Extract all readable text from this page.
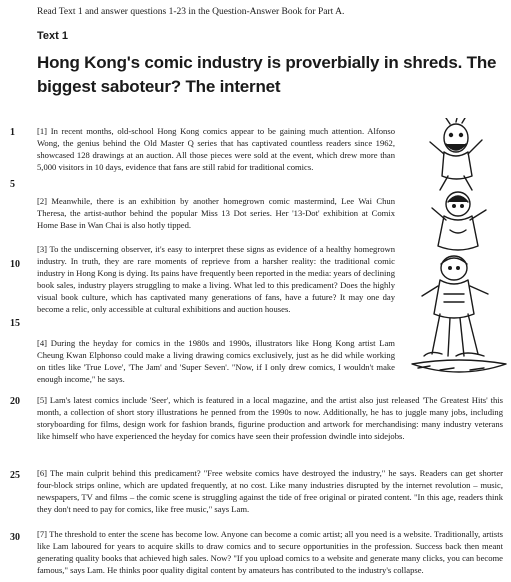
Read Text 1 and answer questions 1-23 in the Question-Answer Book for Part A.
Text 1
Hong Kong's comic industry is proverbially in shreds. The biggest saboteur? The internet
1
5
10
15
20
25
30

[1] In recent months, old-school Hong Kong comics appear to be gaining much attention. Alfonso Wong, the genius behind the Old Master Q series that has captivated countless readers since 1962, showcased 128 drawings at an auction. All those pieces were sold at the event, which drew more than 5,000 visitors in 10 days, evidence that fans are still rabid for traditional comics.

[2] Meanwhile, there is an exhibition by another homegrown comic mastermind, Lee Wai Chun Theresa, the artist-author behind the popular Miss 13 Dot series. Her '13-Dot' exhibition at Comix Home Base in Wan Chai is also hotly tipped.

[3] To the undiscerning observer, it's easy to interpret these signs as evidence of a healthy homegrown industry. In truth, they are rare moments of reprieve from a harsher reality: the traditional comic industry in Hong Kong is dying. Its pains have frequently been reported in the media: years of declining book sales, industry players struggling to make a living. What led to this predicament? Does the highly visual book culture, which has captivated many generations of fans, have a future? It may one day become a relic, only accessible at cultural exhibitions and auction houses.

[4] During the heyday for comics in the 1980s and 1990s, illustrators like Hong Kong artist Lam Cheung Kwan Elphonso could make a living drawing comics exclusively, just as he did while working on titles like 'True Love', 'The Jam' and 'Super Seven'. "Now, if I only drew comics, I wouldn't make enough income," he says.

[5] Lam's latest comics include 'Seer', which is featured in a local magazine, and the artist also just released 'The Greatest Hits' this month, a collection of short story illustrations he penned from the 1990s to now. Additionally, he has to juggle many jobs, including storyboarding for films, design work for fashion brands, figurine production and artwork for merchandising: many industry veterans like himself who have experienced the heyday for comics have seen their profession dwindle into sidejobs.

[6] The main culprit behind this predicament? "Free website comics have destroyed the industry," he says. Readers can get shorter four-block strips online, which are updated frequently, at no cost. Like many industries disrupted by the internet revolution – music, newspapers, TV and films – the comic scene is struggling against the tide of free original or pirated content. "In this age, readers think they don't need to pay for comics, like free music," says Lam.

[7] The threshold to enter the scene has become low. Anyone can become a comic artist; all you need is a website. Traditionally, artists like Lam laboured for years to acquire skills to draw comics and to secure opportunities in the profession. Success back then meant generating quality books that achieved high sales. Now? "If you upload comics to a website and generate many clicks, you can become famous," says Lam. He thinks poor quality digital content by amateurs has contributed to the industry's collapse.
